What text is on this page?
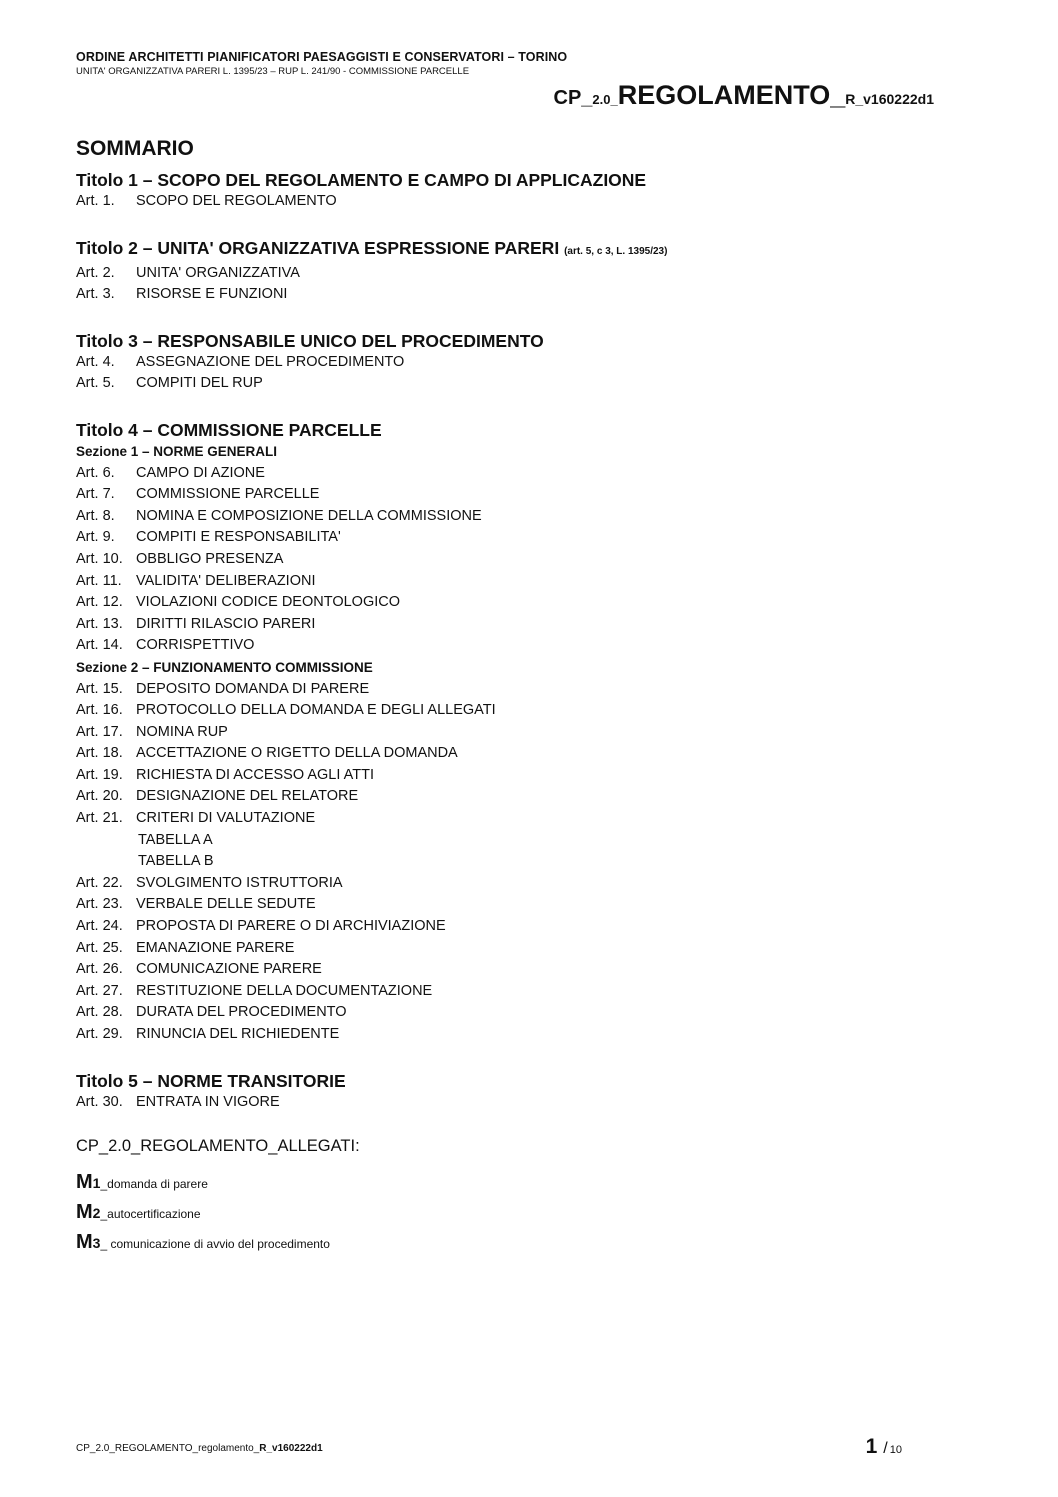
ORDINE ARCHITETTI PIANIFICATORI PAESAGGISTI E CONSERVATORI – TORINO
UNITA' ORGANIZZATIVA PARERI L. 1395/23 – RUP L. 241/90 - COMMISSIONE PARCELLE
CP_2.0_REGOLAMENTO_R_v160222d1
SOMMARIO
Titolo 1 – SCOPO DEL REGOLAMENTO E CAMPO DI APPLICAZIONE
Art. 1. SCOPO DEL REGOLAMENTO
Titolo 2 – UNITA' ORGANIZZATIVA ESPRESSIONE PARERI (art. 5, c 3, L. 1395/23)
Art. 2. UNITA' ORGANIZZATIVA
Art. 3. RISORSE E FUNZIONI
Titolo 3 – RESPONSABILE UNICO DEL PROCEDIMENTO
Art. 4. ASSEGNAZIONE DEL PROCEDIMENTO
Art. 5. COMPITI DEL RUP
Titolo 4 – COMMISSIONE PARCELLE
Sezione 1 – NORME GENERALI
Art. 6. CAMPO DI AZIONE
Art. 7. COMMISSIONE PARCELLE
Art. 8. NOMINA E COMPOSIZIONE DELLA COMMISSIONE
Art. 9. COMPITI E RESPONSABILITA'
Art. 10. OBBLIGO PRESENZA
Art. 11. VALIDITA' DELIBERAZIONI
Art. 12. VIOLAZIONI CODICE DEONTOLOGICO
Art. 13. DIRITTI RILASCIO PARERI
Art. 14. CORRISPETTIVO
Sezione 2 – FUNZIONAMENTO COMMISSIONE
Art. 15. DEPOSITO DOMANDA DI PARERE
Art. 16. PROTOCOLLO DELLA DOMANDA E DEGLI ALLEGATI
Art. 17. NOMINA RUP
Art. 18. ACCETTAZIONE O RIGETTO DELLA DOMANDA
Art. 19. RICHIESTA DI ACCESSO AGLI ATTI
Art. 20. DESIGNAZIONE DEL RELATORE
Art. 21. CRITERI DI VALUTAZIONE
TABELLA A
TABELLA B
Art. 22. SVOLGIMENTO ISTRUTTORIA
Art. 23. VERBALE DELLE SEDUTE
Art. 24. PROPOSTA DI PARERE O DI ARCHIVIAZIONE
Art. 25. EMANAZIONE PARERE
Art. 26. COMUNICAZIONE PARERE
Art. 27. RESTITUZIONE DELLA DOCUMENTAZIONE
Art. 28. DURATA DEL PROCEDIMENTO
Art. 29. RINUNCIA DEL RICHIEDENTE
Titolo 5 – NORME TRANSITORIE
Art. 30. ENTRATA IN VIGORE
CP_2.0_REGOLAMENTO_ALLEGATI:
M1_domanda di parere
M2_autocertificazione
M3_ comunicazione di avvio del procedimento
CP_2.0_REGOLAMENTO_regolamento_R_v160222d1	1 / 10
